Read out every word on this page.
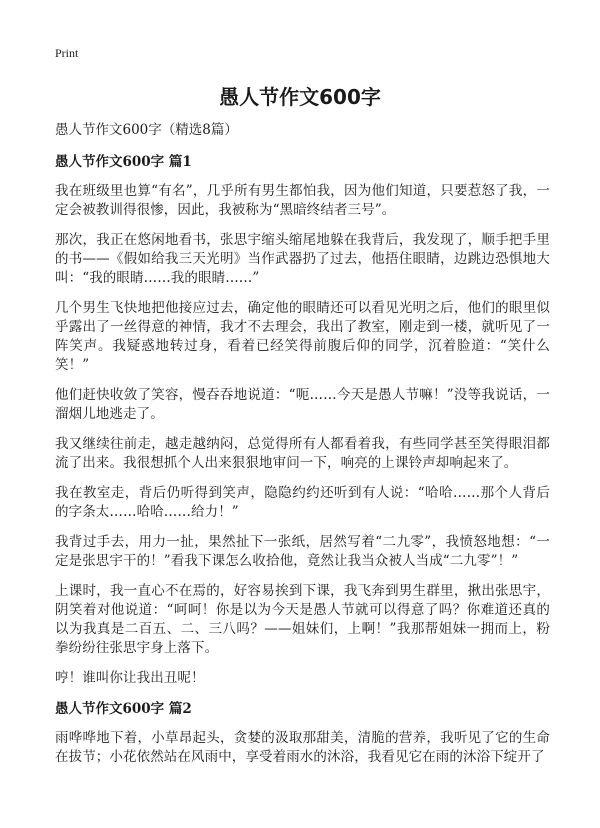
Print
愚人节作文600字

愚人节作文600字（精选8篇）

愚人节作文600字 篇1

我在班级里也算“有名”，几乎所有男生都怕我，因为他们知道，只要惹怒了我，一定会被教训得很惨，因此，我被称为“黑暗终结者三号”。

那次，我正在悠闲地看书，张思宇缩头缩尾地躲在我背后，我发现了，顺手把手里的书——《假如给我三天光明》当作武器扔了过去，他捂住眼睛，边跳边恐惧地大叫：“我的眼睛……我的眼睛……”

几个男生飞快地把他接应过去，确定他的眼睛还可以看见光明之后，他们的眼里似乎露出了一丝得意的神情，我才不去理会，我出了教室，刚走到一楼，就听见了一阵笑声。我疑惑地转过身，看着已经笑得前腹后仰的同学，沉着脸道：“笑什么笑！”

他们赶快收敛了笑容，慢吞吞地说道：“呃……今天是愚人节嘛！”没等我说话，一溜烟儿地逃走了。

我又继续往前走，越走越纳闷，总觉得所有人都看着我，有些同学甚至笑得眼泪都流了出来。我很想抓个人出来狠狠地审问一下，响亮的上课铃声却响起来了。

我在教室走，背后仍听得到笑声，隐隐约约还听到有人说：“哈哈……那个人背后的字条太……哈哈……给力！”

我背过手去，用力一扯，果然扯下一张纸，居然写着“二九零”，我愤怒地想：“一定是张思宇干的！”看我下课怎么收拾他，竟然让我当众被人当成“二九零”！”

上课时，我一直心不在焉的，好容易挨到下课，我飞奔到男生群里，揪出张思宇，阴笑着对他说道：“呵呵！你是以为今天是愚人节就可以得意了吗？你难道还真的以为我真是二百五、二、三八吗？——姐妹们，上啊！”我那帮姐妹一拥而上，粉拳纷纷往张思宇身上落下。

哼！谁叫你让我出丑呢！

愚人节作文600字 篇2

雨哗哗地下着，小草昂起头，贪婪的汲取那甜美，清脆的营养，我听见了它的生命在拔节；小花依然站在风雨中，享受着雨水的沐浴，我看见它在雨的沐浴下绽开了
